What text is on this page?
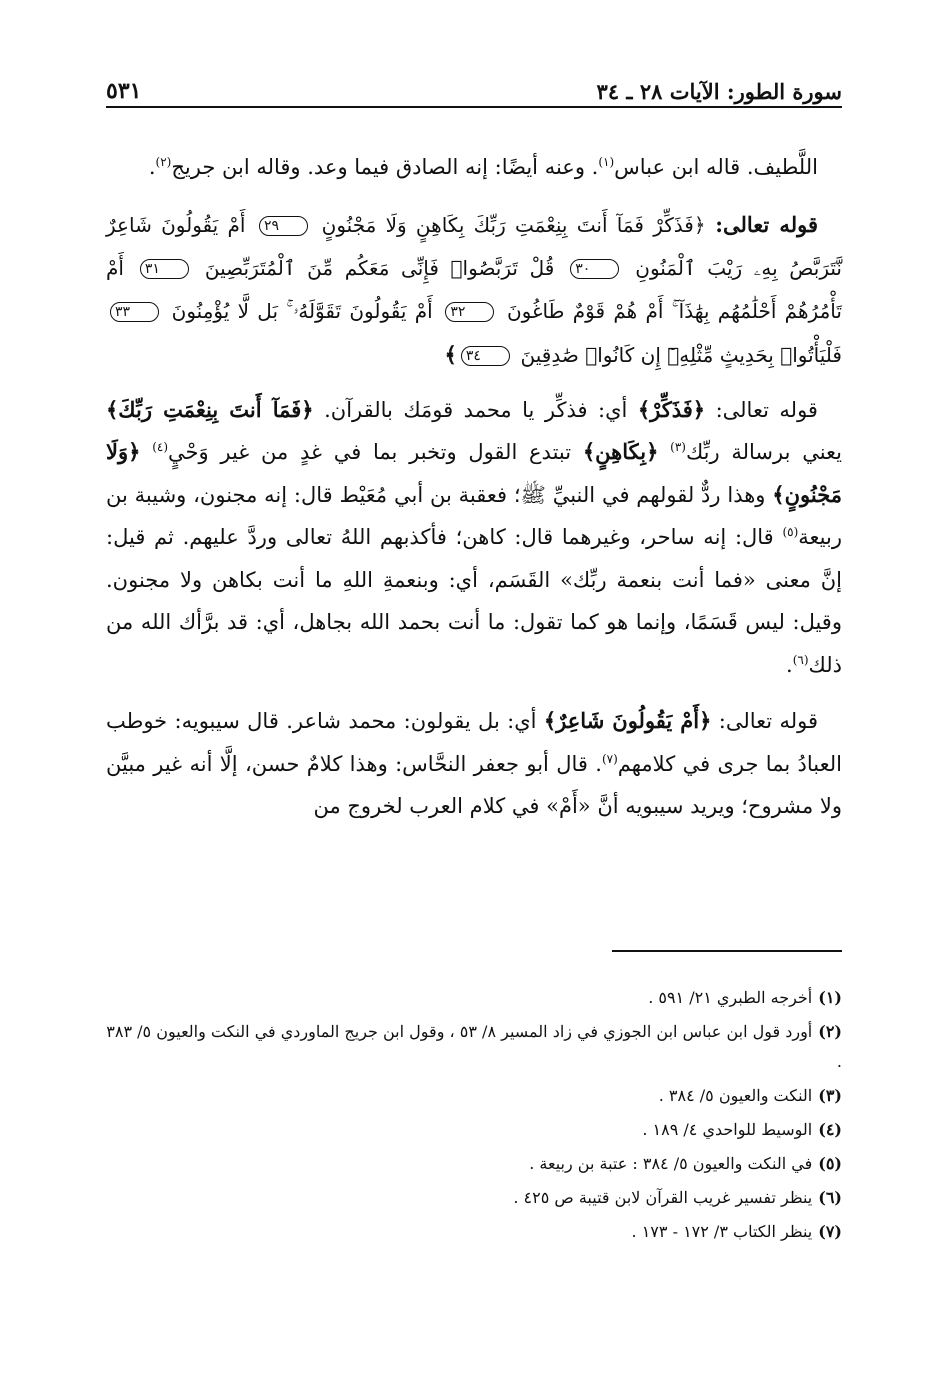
سورة الطور: الآيات ٢٨ ـ ٣٤
٥٣١

اللَّطيف. قاله ابن عباس$^{(١)}$. وعنه أيضًا: إنه الصادق فيما وعد. وقاله ابن جريج$^{(٢)}$.

قوله تعالى: ﴿فَذَكِّرْ فَمَآ أَنتَ بِنِعْمَتِ رَبِّكَ بِكَاهِنٍ وَلَا مَجْنُونٍ ٢٩ أَمْ يَقُولُونَ شَاعِرٌ نَّتَرَبَّصُ بِهِۦ رَيْبَ ٱلْمَنُونِ ٣٠ قُلْ تَرَبَّصُوا۟ فَإِنِّى مَعَكُم مِّنَ ٱلْمُتَرَبِّصِينَ ٣١ أَمْ تَأْمُرُهُمْ أَحْلَٰمُهُم بِهَٰذَآ ۚ أَمْ هُمْ قَوْمٌ طَاغُونَ ٣٢ أَمْ يَقُولُونَ تَقَوَّلَهُۥ ۚ بَل لَّا يُؤْمِنُونَ ٣٣ فَلْيَأْتُوا۟ بِحَدِيثٍ مِّثْلِهِۦٓ إِن كَانُوا۟ صَٰدِقِينَ ٣٤﴾

قوله تعالى: ﴿فَذَكِّرْ﴾ أي: فذكِّر يا محمد قومَك بالقرآن. ﴿فَمَآ أَنتَ بِنِعْمَتِ رَبِّكَ﴾ يعني برسالة ربِّك$^{(٣)}$ ﴿بِكَاهِنٍ﴾ تبتدع القول وتخبر بما في غدٍ من غير وَحْيٍ$^{(٤)}$ ﴿وَلَا مَجْنُونٍ﴾ وهذا ردٌّ لقولهم في النبيِّ ﷺ؛ فعقبة بن أبي مُعَيْط قال: إنه مجنون، وشيبة بن ربيعة$^{(٥)}$ قال: إنه ساحر، وغيرهما قال: كاهن؛ فأكذبهم اللهُ تعالى وردَّ عليهم. ثم قيل: إنَّ معنى «فما أنت بنعمة ربِّك» القَسَم، أي: وبنعمةِ اللهِ ما أنت بكاهن ولا مجنون. وقيل: ليس قَسَمًا، وإنما هو كما تقول: ما أنت بحمد الله بجاهل، أي: قد برَّأك الله من ذلك$^{(٦)}$.

قوله تعالى: ﴿أَمْ يَقُولُونَ شَاعِرٌ﴾ أي: بل يقولون: محمد شاعر. قال سيبويه: خوطب العبادُ بما جرى في كلامهم$^{(٧)}$. قال أبو جعفر النحَّاس: وهذا كلامٌ حسن، إلَّا أنه غير مبيَّن ولا مشروح؛ ويريد سيبويه أنَّ «أَمْ» في كلام العرب لخروج من

(١)أخرجه الطبري ٢١/ ٥٩١ .

(٢)أورد قول ابن عباس ابن الجوزي في زاد المسير ٨/ ٥٣ ، وقول ابن جريج الماوردي في النكت والعيون ٥/ ٣٨٣ .

(٣)النكت والعيون ٥/ ٣٨٤ .

(٤)الوسيط للواحدي ٤/ ١٨٩ .

(٥)في النكت والعيون ٥/ ٣٨٤ : عتبة بن ربيعة .

(٦)ينظر تفسير غريب القرآن لابن قتيبة ص ٤٢٥ .

(٧)ينظر الكتاب ٣/ ١٧٢ - ١٧٣ .
